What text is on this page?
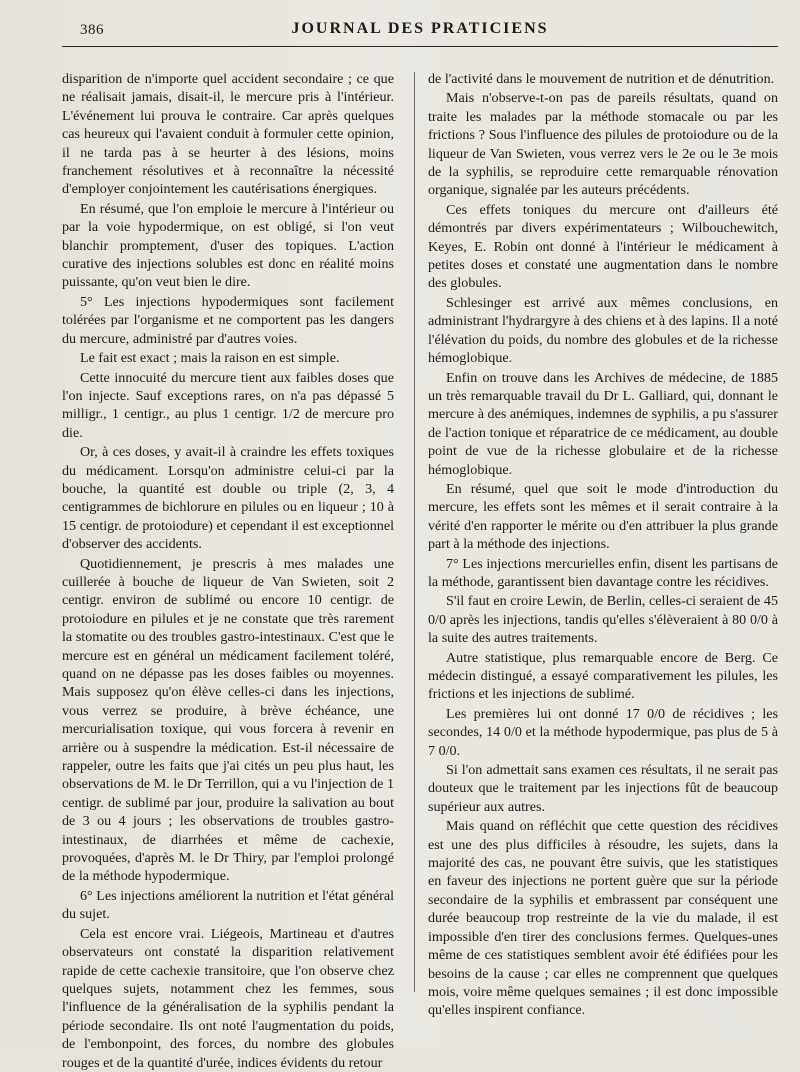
386	JOURNAL DES PRATICIENS

disparition de n'importe quel accident secondaire ; ce que ne réalisait jamais, disait-il, le mercure pris à l'intérieur. L'événement lui prouva le contraire. Car après quelques cas heureux qui l'avaient conduit à formuler cette opinion, il ne tarda pas à se heurter à des lésions, moins franchement résolutives et à reconnaître la nécessité d'employer conjointement les cautérisations énergiques.

En résumé, que l'on emploie le mercure à l'intérieur ou par la voie hypodermique, on est obligé, si l'on veut blanchir promptement, d'user des topiques. L'action curative des injections solubles est donc en réalité moins puissante, qu'on veut bien le dire.

5° Les injections hypodermiques sont facilement tolérées par l'organisme et ne comportent pas les dangers du mercure, administré par d'autres voies.

Le fait est exact ; mais la raison en est simple.

Cette innocuité du mercure tient aux faibles doses que l'on injecte. Sauf exceptions rares, on n'a pas dépassé 5 milligr., 1 centigr., au plus 1 centigr. 1/2 de mercure pro die.

Or, à ces doses, y avait-il à craindre les effets toxiques du médicament. Lorsqu'on administre celui-ci par la bouche, la quantité est double ou triple (2, 3, 4 centigrammes de bichlorure en pilules ou en liqueur ; 10 à 15 centigr. de protoiodure) et cependant il est exceptionnel d'observer des accidents.

Quotidiennement, je prescris à mes malades une cuillerée à bouche de liqueur de Van Swieten, soit 2 centigr. environ de sublimé ou encore 10 centigr. de protoiodure en pilules et je ne constate que très rarement la stomatite ou des troubles gastro-intestinaux. C'est que le mercure est en général un médicament facilement toléré, quand on ne dépasse pas les doses faibles ou moyennes. Mais supposez qu'on élève celles-ci dans les injections, vous verrez se produire, à brève échéance, une mercurialisation toxique, qui vous forcera à revenir en arrière ou à suspendre la médication. Est-il nécessaire de rappeler, outre les faits que j'ai cités un peu plus haut, les observations de M. le Dr Terrillon, qui a vu l'injection de 1 centigr. de sublimé par jour, produire la salivation au bout de 3 ou 4 jours ; les observations de troubles gastro-intestinaux, de diarrhées et même de cachexie, provoquées, d'après M. le Dr Thiry, par l'emploi prolongé de la méthode hypodermique.

6° Les injections améliorent la nutrition et l'état général du sujet.

Cela est encore vrai. Liégeois, Martineau et d'autres observateurs ont constaté la disparition relativement rapide de cette cachexie transitoire, que l'on observe chez quelques sujets, notamment chez les femmes, sous l'influence de la généralisation de la syphilis pendant la période secondaire. Ils ont noté l'augmentation du poids, de l'embonpoint, des forces, du nombre des globules rouges et de la quantité d'urée, indices évidents du retour

de l'activité dans le mouvement de nutrition et de dénutrition.

Mais n'observe-t-on pas de pareils résultats, quand on traite les malades par la méthode stomacale ou par les frictions ? Sous l'influence des pilules de protoiodure ou de la liqueur de Van Swieten, vous verrez vers le 2e ou le 3e mois de la syphilis, se reproduire cette remarquable rénovation organique, signalée par les auteurs précédents.

Ces effets toniques du mercure ont d'ailleurs été démontrés par divers expérimentateurs ; Wilbouchewitch, Keyes, E. Robin ont donné à l'intérieur le médicament à petites doses et constaté une augmentation dans le nombre des globules.

Schlesinger est arrivé aux mêmes conclusions, en administrant l'hydrargyre à des chiens et à des lapins. Il a noté l'élévation du poids, du nombre des globules et de la richesse hémoglobique.

Enfin on trouve dans les Archives de médecine, de 1885 un très remarquable travail du Dr L. Galliard, qui, donnant le mercure à des anémiques, indemnes de syphilis, a pu s'assurer de l'action tonique et réparatrice de ce médicament, au double point de vue de la richesse globulaire et de la richesse hémoglobique.

En résumé, quel que soit le mode d'introduction du mercure, les effets sont les mêmes et il serait contraire à la vérité d'en rapporter le mérite ou d'en attribuer la plus grande part à la méthode des injections.

7° Les injections mercurielles enfin, disent les partisans de la méthode, garantissent bien davantage contre les récidives.

S'il faut en croire Lewin, de Berlin, celles-ci seraient de 45 0/0 après les injections, tandis qu'elles s'élèveraient à 80 0/0 à la suite des autres traitements.

Autre statistique, plus remarquable encore de Berg. Ce médecin distingué, a essayé comparativement les pilules, les frictions et les injections de sublimé.

Les premières lui ont donné 17 0/0 de récidives ; les secondes, 14 0/0 et la méthode hypodermique, pas plus de 5 à 7 0/0.

Si l'on admettait sans examen ces résultats, il ne serait pas douteux que le traitement par les injections fût de beaucoup supérieur aux autres.

Mais quand on réfléchit que cette question des récidives est une des plus difficiles à résoudre, les sujets, dans la majorité des cas, ne pouvant être suivis, que les statistiques en faveur des injections ne portent guère que sur la période secondaire de la syphilis et embrassent par conséquent une durée beaucoup trop restreinte de la vie du malade, il est impossible d'en tirer des conclusions fermes. Quelques-unes même de ces statistiques semblent avoir été édifiées pour les besoins de la cause ; car elles ne comprennent que quelques mois, voire même quelques semaines ; il est donc impossible qu'elles inspirent confiance.
